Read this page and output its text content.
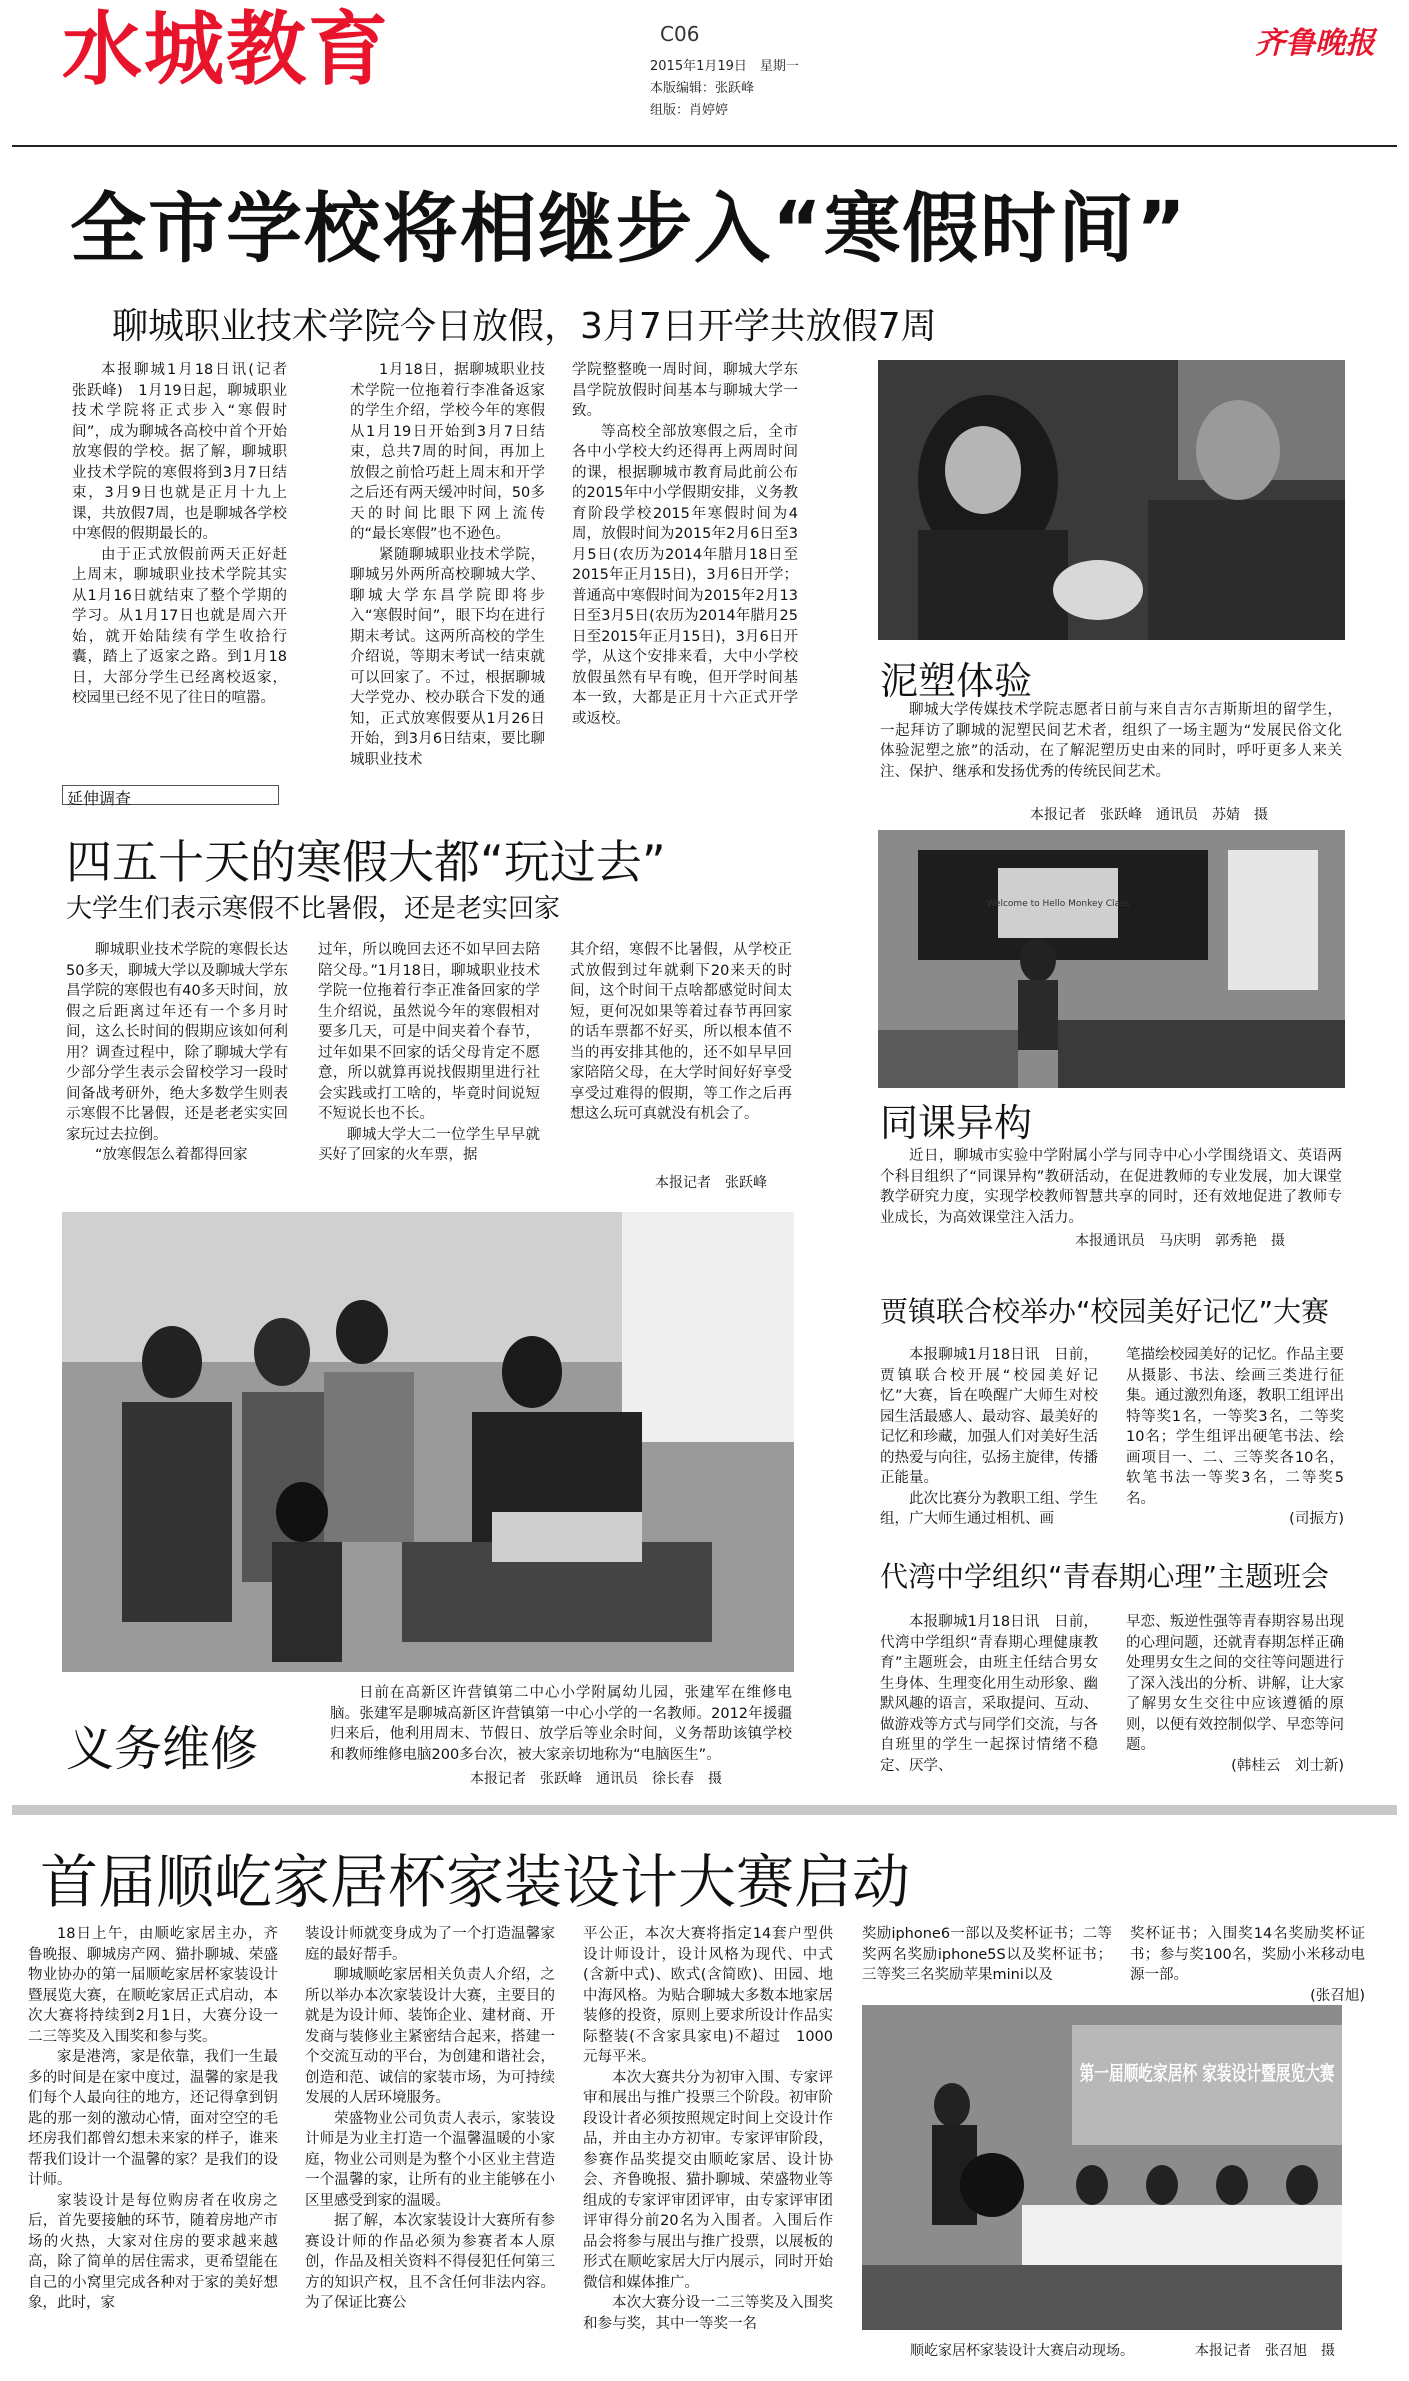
水城教育	C06
2015年1月19日　星期一
本版编辑：张跃峰
组版：肖婷婷
齐鲁晚报
全市学校将相继步入“寒假时间”
聊城职业技术学院今日放假，3月7日开学共放假7周

本报聊城1月18日讯(记者　张跃峰)　1月19日起，聊城职业技术学院将正式步入“寒假时间”，成为聊城各高校中首个开始放寒假的学校。据了解，聊城职业技术学院的寒假将到3月7日结束，3月9日也就是正月十九上课，共放假7周，也是聊城各学校中寒假的假期最长的。

由于正式放假前两天正好赶上周末，聊城职业技术学院其实从1月16日就结束了整个学期的学习。从1月17日也就是周六开始，就开始陆续有学生收拾行囊，踏上了返家之路。到1月18日，大部分学生已经离校返家，校园里已经不见了往日的喧嚣。

1月18日，据聊城职业技术学院一位拖着行李准备返家的学生介绍，学校今年的寒假从1月19日开始到3月7日结束，总共7周的时间，再加上放假之前恰巧赶上周末和开学之后还有两天缓冲时间，50多天的时间比眼下网上流传的“最长寒假”也不逊色。

紧随聊城职业技术学院，聊城另外两所高校聊城大学、聊城大学东昌学院即将步入“寒假时间”，眼下均在进行期末考试。这两所高校的学生介绍说，等期末考试一结束就可以回家了。不过，根据聊城大学党办、校办联合下发的通知，正式放寒假要从1月26日开始，到3月6日结束，要比聊城职业技术

学院整整晚一周时间，聊城大学东昌学院放假时间基本与聊城大学一致。

等高校全部放寒假之后，全市各中小学校大约还得再上两周时间的课，根据聊城市教育局此前公布的2015年中小学假期安排，义务教育阶段学校2015年寒假时间为4周，放假时间为2015年2月6日至3月5日(农历为2014年腊月18日至2015年正月15日)，3月6日开学；普通高中寒假时间为2015年2月13日至3月5日(农历为2014年腊月25日至2015年正月15日)，3月6日开学，从这个安排来看，大中小学校放假虽然有早有晚，但开学时间基本一致，大都是正月十六正式开学或返校。

延伸调查
四五十天的寒假大都“玩过去”
大学生们表示寒假不比暑假，还是老实回家

聊城职业技术学院的寒假长达50多天，聊城大学以及聊城大学东昌学院的寒假也有40多天时间，放假之后距离过年还有一个多月时间，这么长时间的假期应该如何利用？调查过程中，除了聊城大学有少部分学生表示会留校学习一段时间备战考研外，绝大多数学生则表示寒假不比暑假，还是老老实实回家玩过去拉倒。

“放寒假怎么着都得回家

过年，所以晚回去还不如早回去陪陪父母。”1月18日，聊城职业技术学院一位拖着行李正准备回家的学生介绍说，虽然说今年的寒假相对要多几天，可是中间夹着个春节，过年如果不回家的话父母肯定不愿意，所以就算再说找假期里进行社会实践或打工啥的，毕竟时间说短不短说长也不长。

聊城大学大二一位学生早早就买好了回家的火车票，据

其介绍，寒假不比暑假，从学校正式放假到过年就剩下20来天的时间，这个时间干点啥都感觉时间太短，更何况如果等着过春节再回家的话车票都不好买，所以根本值不当的再安排其他的，还不如早早回家陪陪父母，在大学时间好好享受享受过难得的假期，等工作之后再想这么玩可真就没有机会了。

本报记者　张跃峰
泥塑体验
聊城大学传媒技术学院志愿者日前与来自吉尔吉斯斯坦的留学生，一起拜访了聊城的泥塑民间艺术者，组织了一场主题为“发展民俗文化　体验泥塑之旅”的活动，在了解泥塑历史由来的同时，呼吁更多人来关注、保护、继承和发扬优秀的传统民间艺术。
本报记者　张跃峰　通讯员　苏婧　摄
Welcome to Hello Monkey Class
同课异构
近日，聊城市实验中学附属小学与同寺中心小学围绕语文、英语两个科目组织了“同课异构”教研活动，在促进教师的专业发展，加大课堂教学研究力度，实现学校教师智慧共享的同时，还有效地促进了教师专业成长，为高效课堂注入活力。
本报通讯员　马庆明　郭秀艳　摄
贾镇联合校举办“校园美好记忆”大赛

本报聊城1月18日讯　日前，贾镇联合校开展“校园美好记忆”大赛，旨在唤醒广大师生对校园生活最感人、最动容、最美好的记忆和珍藏，加强人们对美好生活的热爱与向往，弘扬主旋律，传播正能量。

此次比赛分为教职工组、学生组，广大师生通过相机、画

笔描绘校园美好的记忆。作品主要从摄影、书法、绘画三类进行征集。通过激烈角逐，教职工组评出特等奖1名，一等奖3名，二等奖10名；学生组评出硬笔书法、绘画项目一、二、三等奖各10名，软笔书法一等奖3名，二等奖5名。

(司振方)
代湾中学组织“青春期心理”主题班会

本报聊城1月18日讯　日前，代湾中学组织“青春期心理健康教育”主题班会，由班主任结合男女生身体、生理变化用生动形象、幽默风趣的语言，采取提问、互动、做游戏等方式与同学们交流，与各自班里的学生一起探讨情绪不稳定、厌学、

早恋、叛逆性强等青春期容易出现的心理问题，还就青春期怎样正确处理男女生之间的交往等问题进行了深入浅出的分析、讲解，让大家了解男女生交往中应该遵循的原则，以便有效控制似学、早恋等问题。

(韩桂云　刘士新)
义务维修
日前在高新区许营镇第二中心小学附属幼儿园，张建军在维修电脑。张建军是聊城高新区许营镇第一中心小学的一名教师。2012年援疆归来后，他利用周末、节假日、放学后等业余时间，义务帮助该镇学校和教师维修电脑200多台次，被大家亲切地称为“电脑医生”。
本报记者　张跃峰　通讯员　徐长春　摄
首届顺屹家居杯家装设计大赛启动

18日上午，由顺屹家居主办，齐鲁晚报、聊城房产网、猫扑聊城、荣盛物业协办的第一届顺屹家居杯家装设计暨展览大赛，在顺屹家居正式启动，本次大赛将持续到2月1日，大赛分设一二三等奖及入围奖和参与奖。

家是港湾，家是依靠，我们一生最多的时间是在家中度过，温馨的家是我们每个人最向往的地方，还记得拿到钥匙的那一刻的激动心情，面对空空的毛坯房我们都曾幻想未来家的样子，谁来帮我们设计一个温馨的家？是我们的设计师。

家装设计是每位购房者在收房之后，首先要接触的环节，随着房地产市场的火热，大家对住房的要求越来越高，除了简单的居住需求，更希望能在自己的小窝里完成各种对于家的美好想象，此时，家

装设计师就变身成为了一个打造温馨家庭的最好帮手。

聊城顺屹家居相关负责人介绍，之所以举办本次家装设计大赛，主要目的就是为设计师、装饰企业、建材商、开发商与装修业主紧密结合起来，搭建一个交流互动的平台，为创建和谐社会，创造和范、诚信的家装市场，为可持续发展的人居环境服务。

荣盛物业公司负责人表示，家装设计师是为业主打造一个温馨温暖的小家庭，物业公司则是为整个小区业主营造一个温馨的家，让所有的业主能够在小区里感受到家的温暖。

据了解，本次家装设计大赛所有参赛设计师的作品必须为参赛者本人原创，作品及相关资料不得侵犯任何第三方的知识产权，且不含任何非法内容。为了保证比赛公

平公正，本次大赛将指定14套户型供设计师设计，设计风格为现代、中式(含新中式)、欧式(含简欧)、田园、地中海风格。为贴合聊城大多数本地家居装修的投资，原则上要求所设计作品实际整装(不含家具家电)不超过　1000元每平米。

本次大赛共分为初审入围、专家评审和展出与推广投票三个阶段。初审阶段设计者必须按照规定时间上交设计作品，并由主办方初审。专家评审阶段，参赛作品奖提交由顺屹家居、设计协会、齐鲁晚报、猫扑聊城、荣盛物业等组成的专家评审团评审，由专家评审团评审得分前20名为入围者。入围后作品会将参与展出与推广投票，以展板的形式在顺屹家居大厅内展示，同时开始微信和媒体推广。

本次大赛分设一二三等奖及入围奖和参与奖，其中一等奖一名

奖励iphone6一部以及奖杯证书；二等奖两名奖励iphone5S以及奖杯证书；三等奖三名奖励苹果mini以及

奖杯证书；入围奖14名奖励奖杯证书；参与奖100名，奖励小米移动电源一部。

(张召旭)
第一届顺屹家居杯 家装设计暨展览大赛
顺屹家居杯家装设计大赛启动现场。	本报记者　张召旭　摄
